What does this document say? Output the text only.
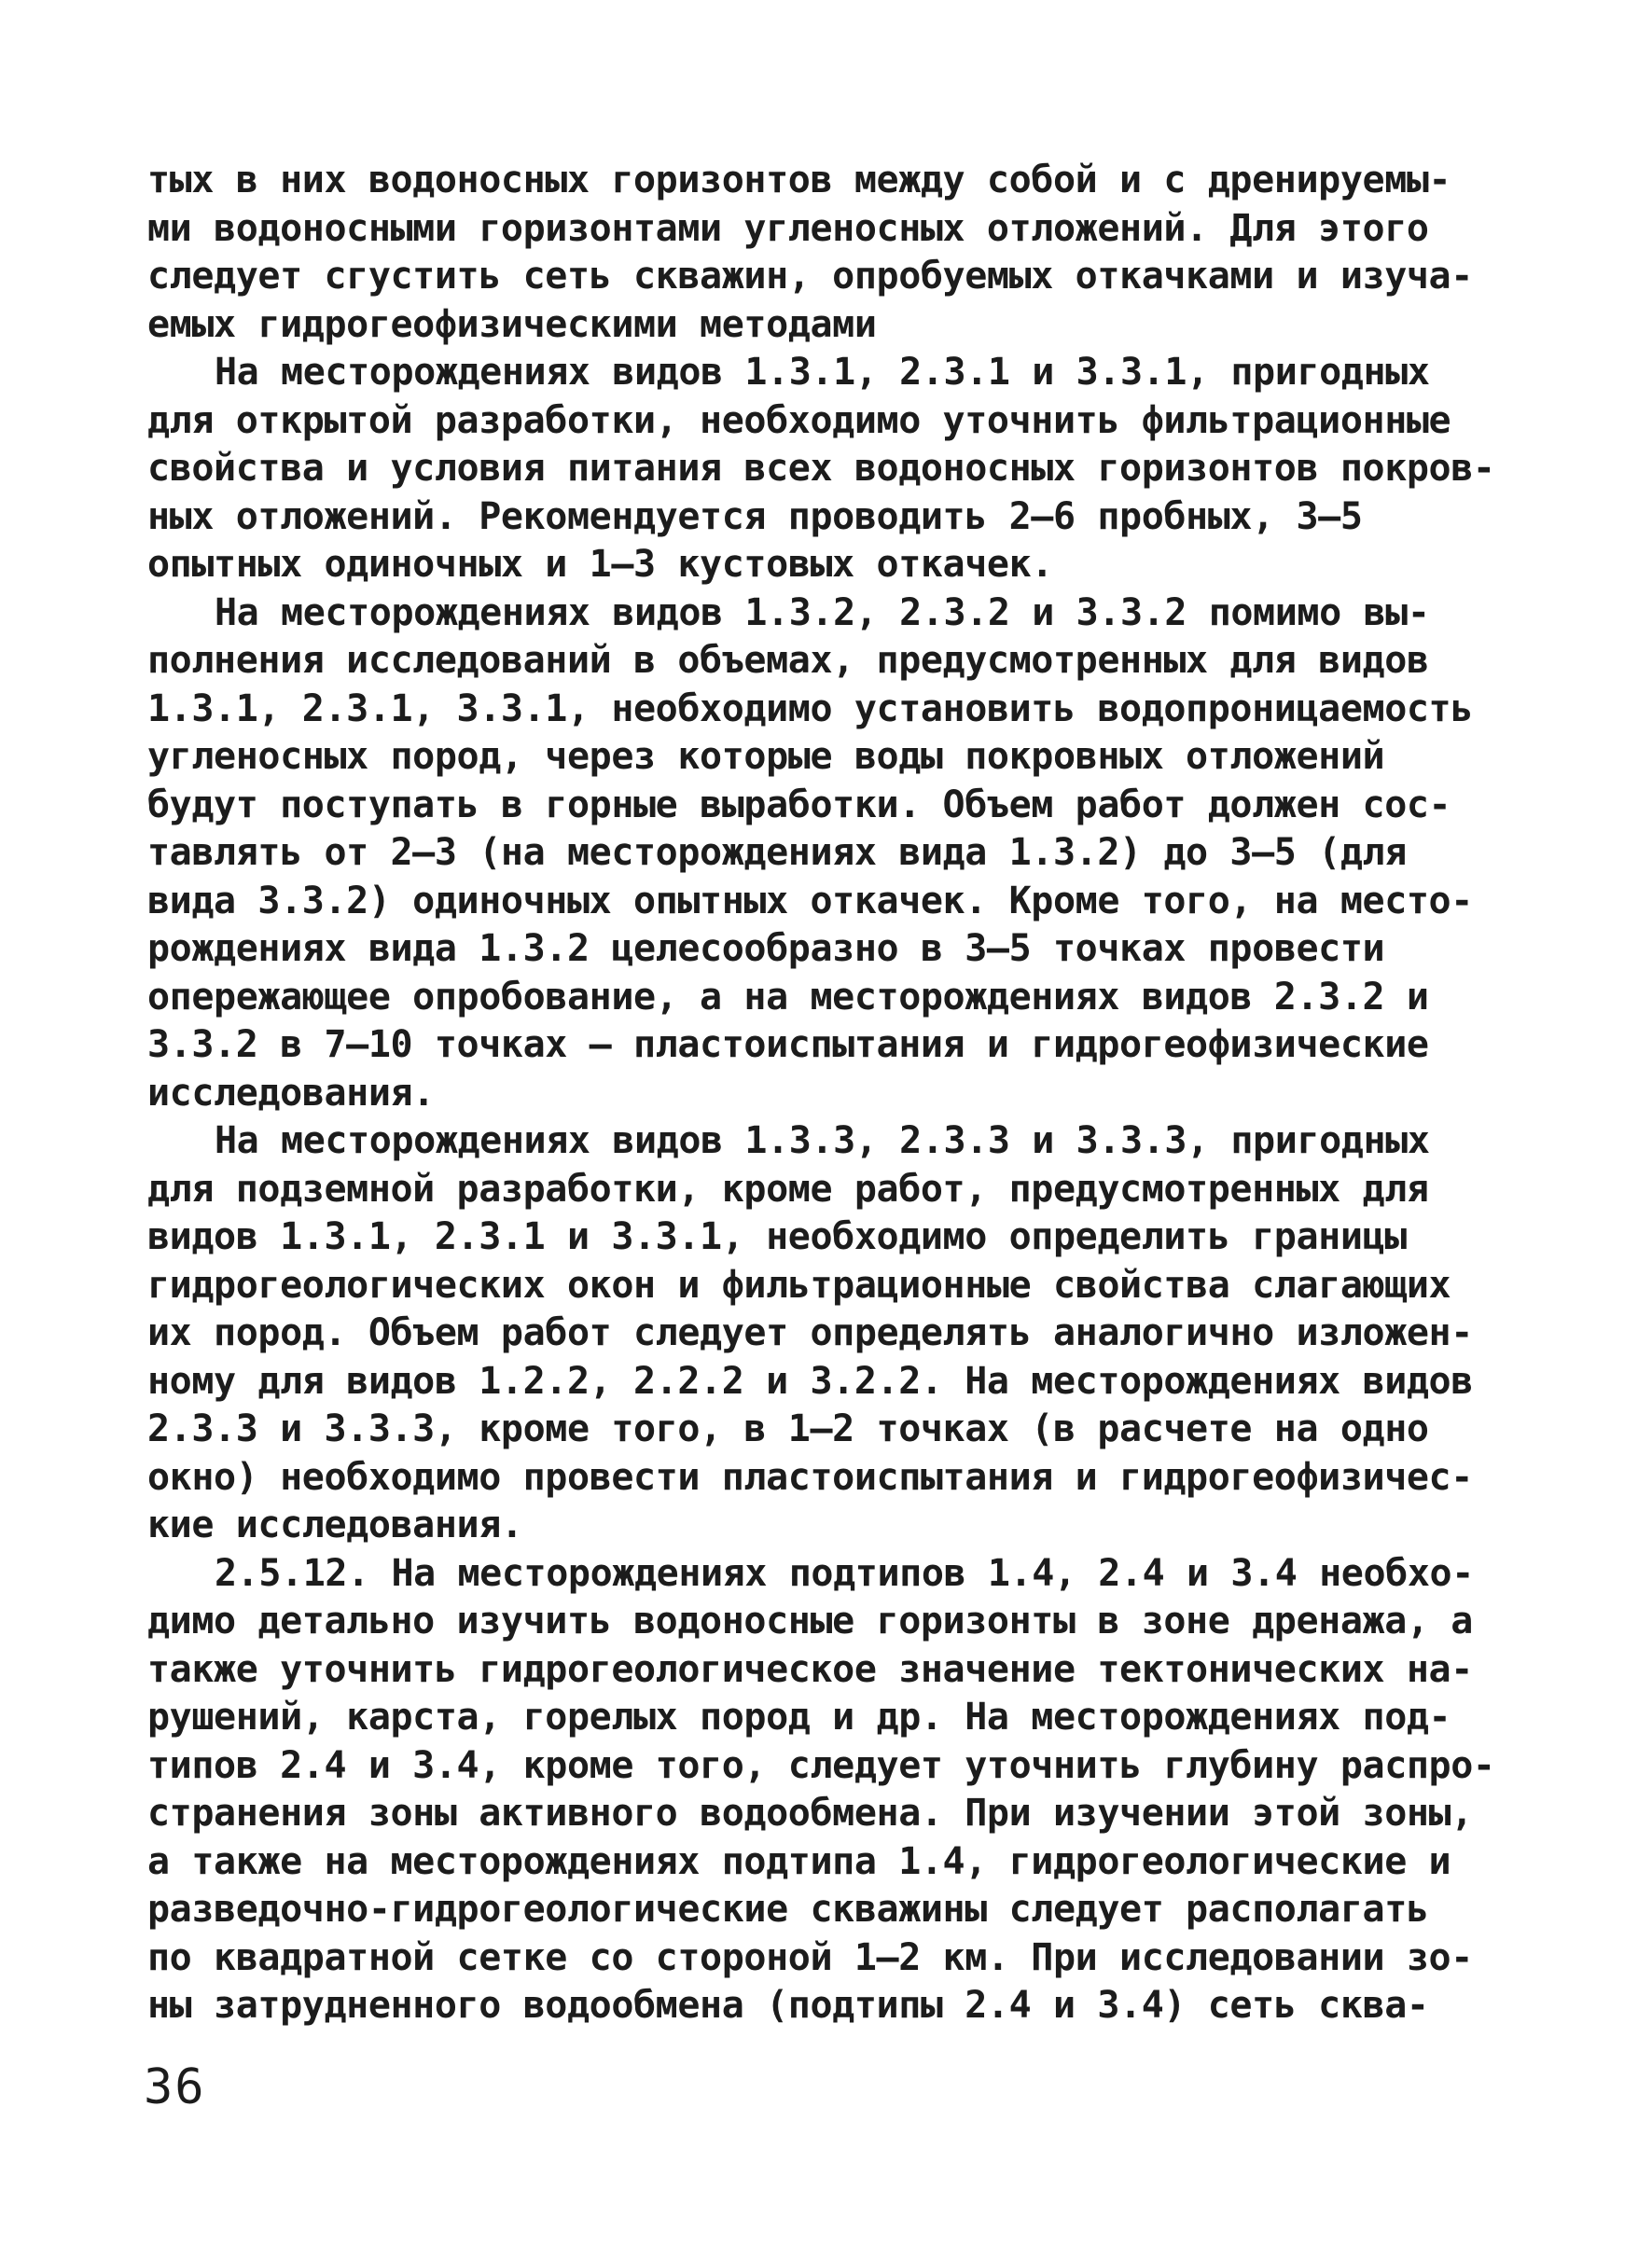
тых в них водоносных горизонтов между собой и с дренируемы-
ми водоносными горизонтами угленосных отложений. Для этого
следует сгустить сеть скважин, опробуемых откачками и изуча-
емых гидрогеофизическими методами

На месторождениях видов 1.3.1, 2.3.1 и 3.3.1, пригодных
для открытой разработки, необходимо уточнить фильтрационные
свойства и условия питания всех водоносных горизонтов покров-
ных отложений. Рекомендуется проводить 2–6 пробных, 3–5
опытных одиночных и 1–3 кустовых откачек.

На месторождениях видов 1.3.2, 2.3.2 и 3.3.2 помимо вы-
полнения исследований в объемах, предусмотренных для видов
1.3.1, 2.3.1, 3.3.1, необходимо установить водопроницаемость
угленосных пород, через которые воды покровных отложений
будут поступать в горные выработки. Объем работ должен сос-
тавлять от 2–3 (на месторождениях вида 1.3.2) до 3–5 (для
вида 3.3.2) одиночных опытных откачек. Кроме того, на место-
рождениях вида 1.3.2 целесообразно в 3–5 точках провести
опережающее опробование, а на месторождениях видов 2.3.2 и
3.3.2 в 7–10 точках – пластоиспытания и гидрогеофизические
исследования.

На месторождениях видов 1.3.3, 2.3.3 и 3.3.3, пригодных
для подземной разработки, кроме работ, предусмотренных для
видов 1.3.1, 2.3.1 и 3.3.1, необходимо определить границы
гидрогеологических окон и фильтрационные свойства слагающих
их пород. Объем работ следует определять аналогично изложен-
ному для видов 1.2.2, 2.2.2 и 3.2.2. На месторождениях видов
2.3.3 и 3.3.3, кроме того, в 1–2 точках (в расчете на одно
окно) необходимо провести пластоиспытания и гидрогеофизичес-
кие исследования.

2.5.12. На месторождениях подтипов 1.4, 2.4 и 3.4 необхо-
димо детально изучить водоносные горизонты в зоне дренажа, а
также уточнить гидрогеологическое значение тектонических на-
рушений, карста, горелых пород и др. На месторождениях под-
типов 2.4 и 3.4, кроме того, следует уточнить глубину распро-
странения зоны активного водообмена. При изучении этой зоны,
а также на месторождениях подтипа 1.4, гидрогеологические и
разведочно-гидрогеологические скважины следует располагать
по квадратной сетке со стороной 1–2 км. При исследовании зо-
ны затрудненного водообмена (подтипы 2.4 и 3.4) сеть сква-

36
